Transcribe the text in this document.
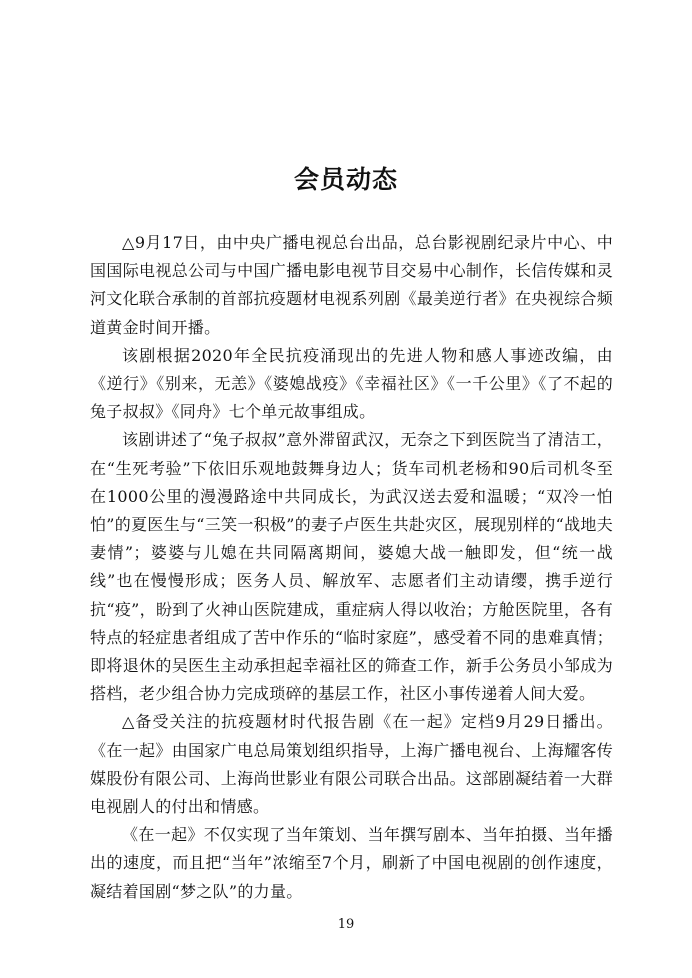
会员动态

△9月17日，由中央广播电视总台出品，总台影视剧纪录片中心、中国国际电视总公司与中国广播电影电视节目交易中心制作，长信传媒和灵河文化联合承制的首部抗疫题材电视系列剧《最美逆行者》在央视综合频道黄金时间开播。

该剧根据2020年全民抗疫涌现出的先进人物和感人事迹改编，由《逆行》《别来，无恙》《婆媳战疫》《幸福社区》《一千公里》《了不起的兔子叔叔》《同舟》七个单元故事组成。

该剧讲述了“兔子叔叔”意外滞留武汉，无奈之下到医院当了清洁工，在“生死考验”下依旧乐观地鼓舞身边人；货车司机老杨和90后司机冬至在1000公里的漫漫路途中共同成长，为武汉送去爱和温暖；“双冷一怕怕”的夏医生与“三笑一积极”的妻子卢医生共赴灾区，展现别样的“战地夫妻情”；婆婆与儿媳在共同隔离期间，婆媳大战一触即发，但“统一战线”也在慢慢形成；医务人员、解放军、志愿者们主动请缨，携手逆行抗“疫”，盼到了火神山医院建成，重症病人得以收治；方舱医院里，各有特点的轻症患者组成了苦中作乐的“临时家庭”，感受着不同的患难真情；即将退休的吴医生主动承担起幸福社区的筛查工作，新手公务员小邹成为搭档，老少组合协力完成琐碎的基层工作，社区小事传递着人间大爱。

△备受关注的抗疫题材时代报告剧《在一起》定档9月29日播出。《在一起》由国家广电总局策划组织指导，上海广播电视台、上海耀客传媒股份有限公司、上海尚世影业有限公司联合出品。这部剧凝结着一大群电视剧人的付出和情感。

《在一起》不仅实现了当年策划、当年撰写剧本、当年拍摄、当年播出的速度，而且把“当年”浓缩至7个月，刷新了中国电视剧的创作速度，凝结着国剧“梦之队”的力量。

19
